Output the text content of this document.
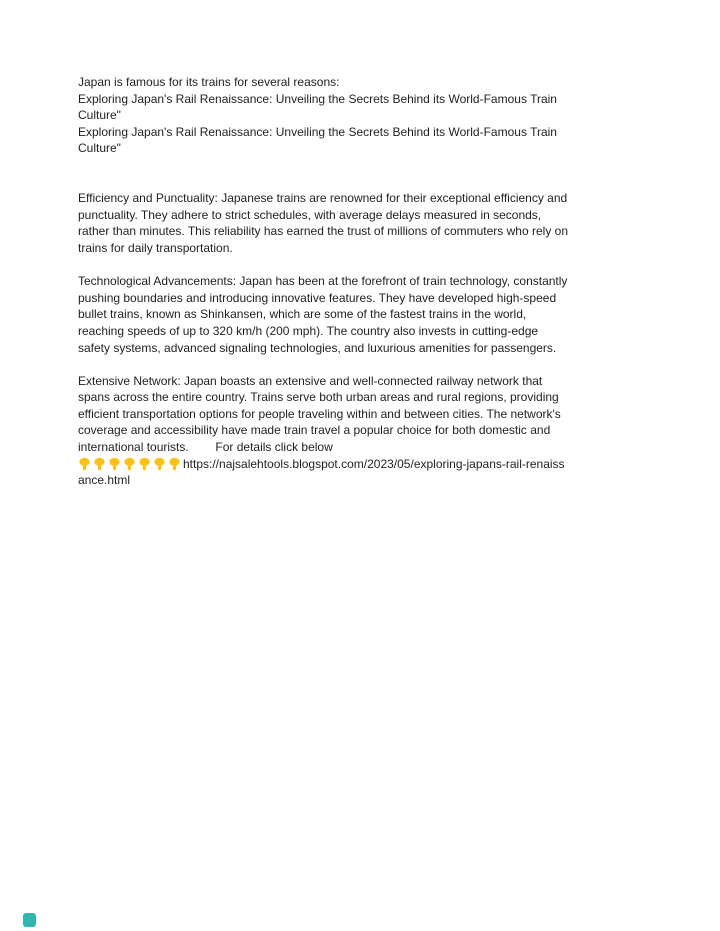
Japan is famous for its trains for several reasons:
Exploring Japan's Rail Renaissance: Unveiling the Secrets Behind its World-Famous Train
Culture"
Exploring Japan's Rail Renaissance: Unveiling the Secrets Behind its World-Famous Train
Culture"
Efficiency and Punctuality: Japanese trains are renowned for their exceptional efficiency and
punctuality. They adhere to strict schedules, with average delays measured in seconds,
rather than minutes. This reliability has earned the trust of millions of commuters who rely on
trains for daily transportation.
Technological Advancements: Japan has been at the forefront of train technology, constantly
pushing boundaries and introducing innovative features. They have developed high-speed
bullet trains, known as Shinkansen, which are some of the fastest trains in the world,
reaching speeds of up to 320 km/h (200 mph). The country also invests in cutting-edge
safety systems, advanced signaling technologies, and luxurious amenities for passengers.
Extensive Network: Japan boasts an extensive and well-connected railway network that
spans across the entire country. Trains serve both urban areas and rural regions, providing
efficient transportation options for people traveling within and between cities. The network's
coverage and accessibility have made train travel a popular choice for both domestic and
international tourists.        For details click below
https://najsalehtools.blogspot.com/2023/05/exploring-japans-rail-renaiss
ance.html
